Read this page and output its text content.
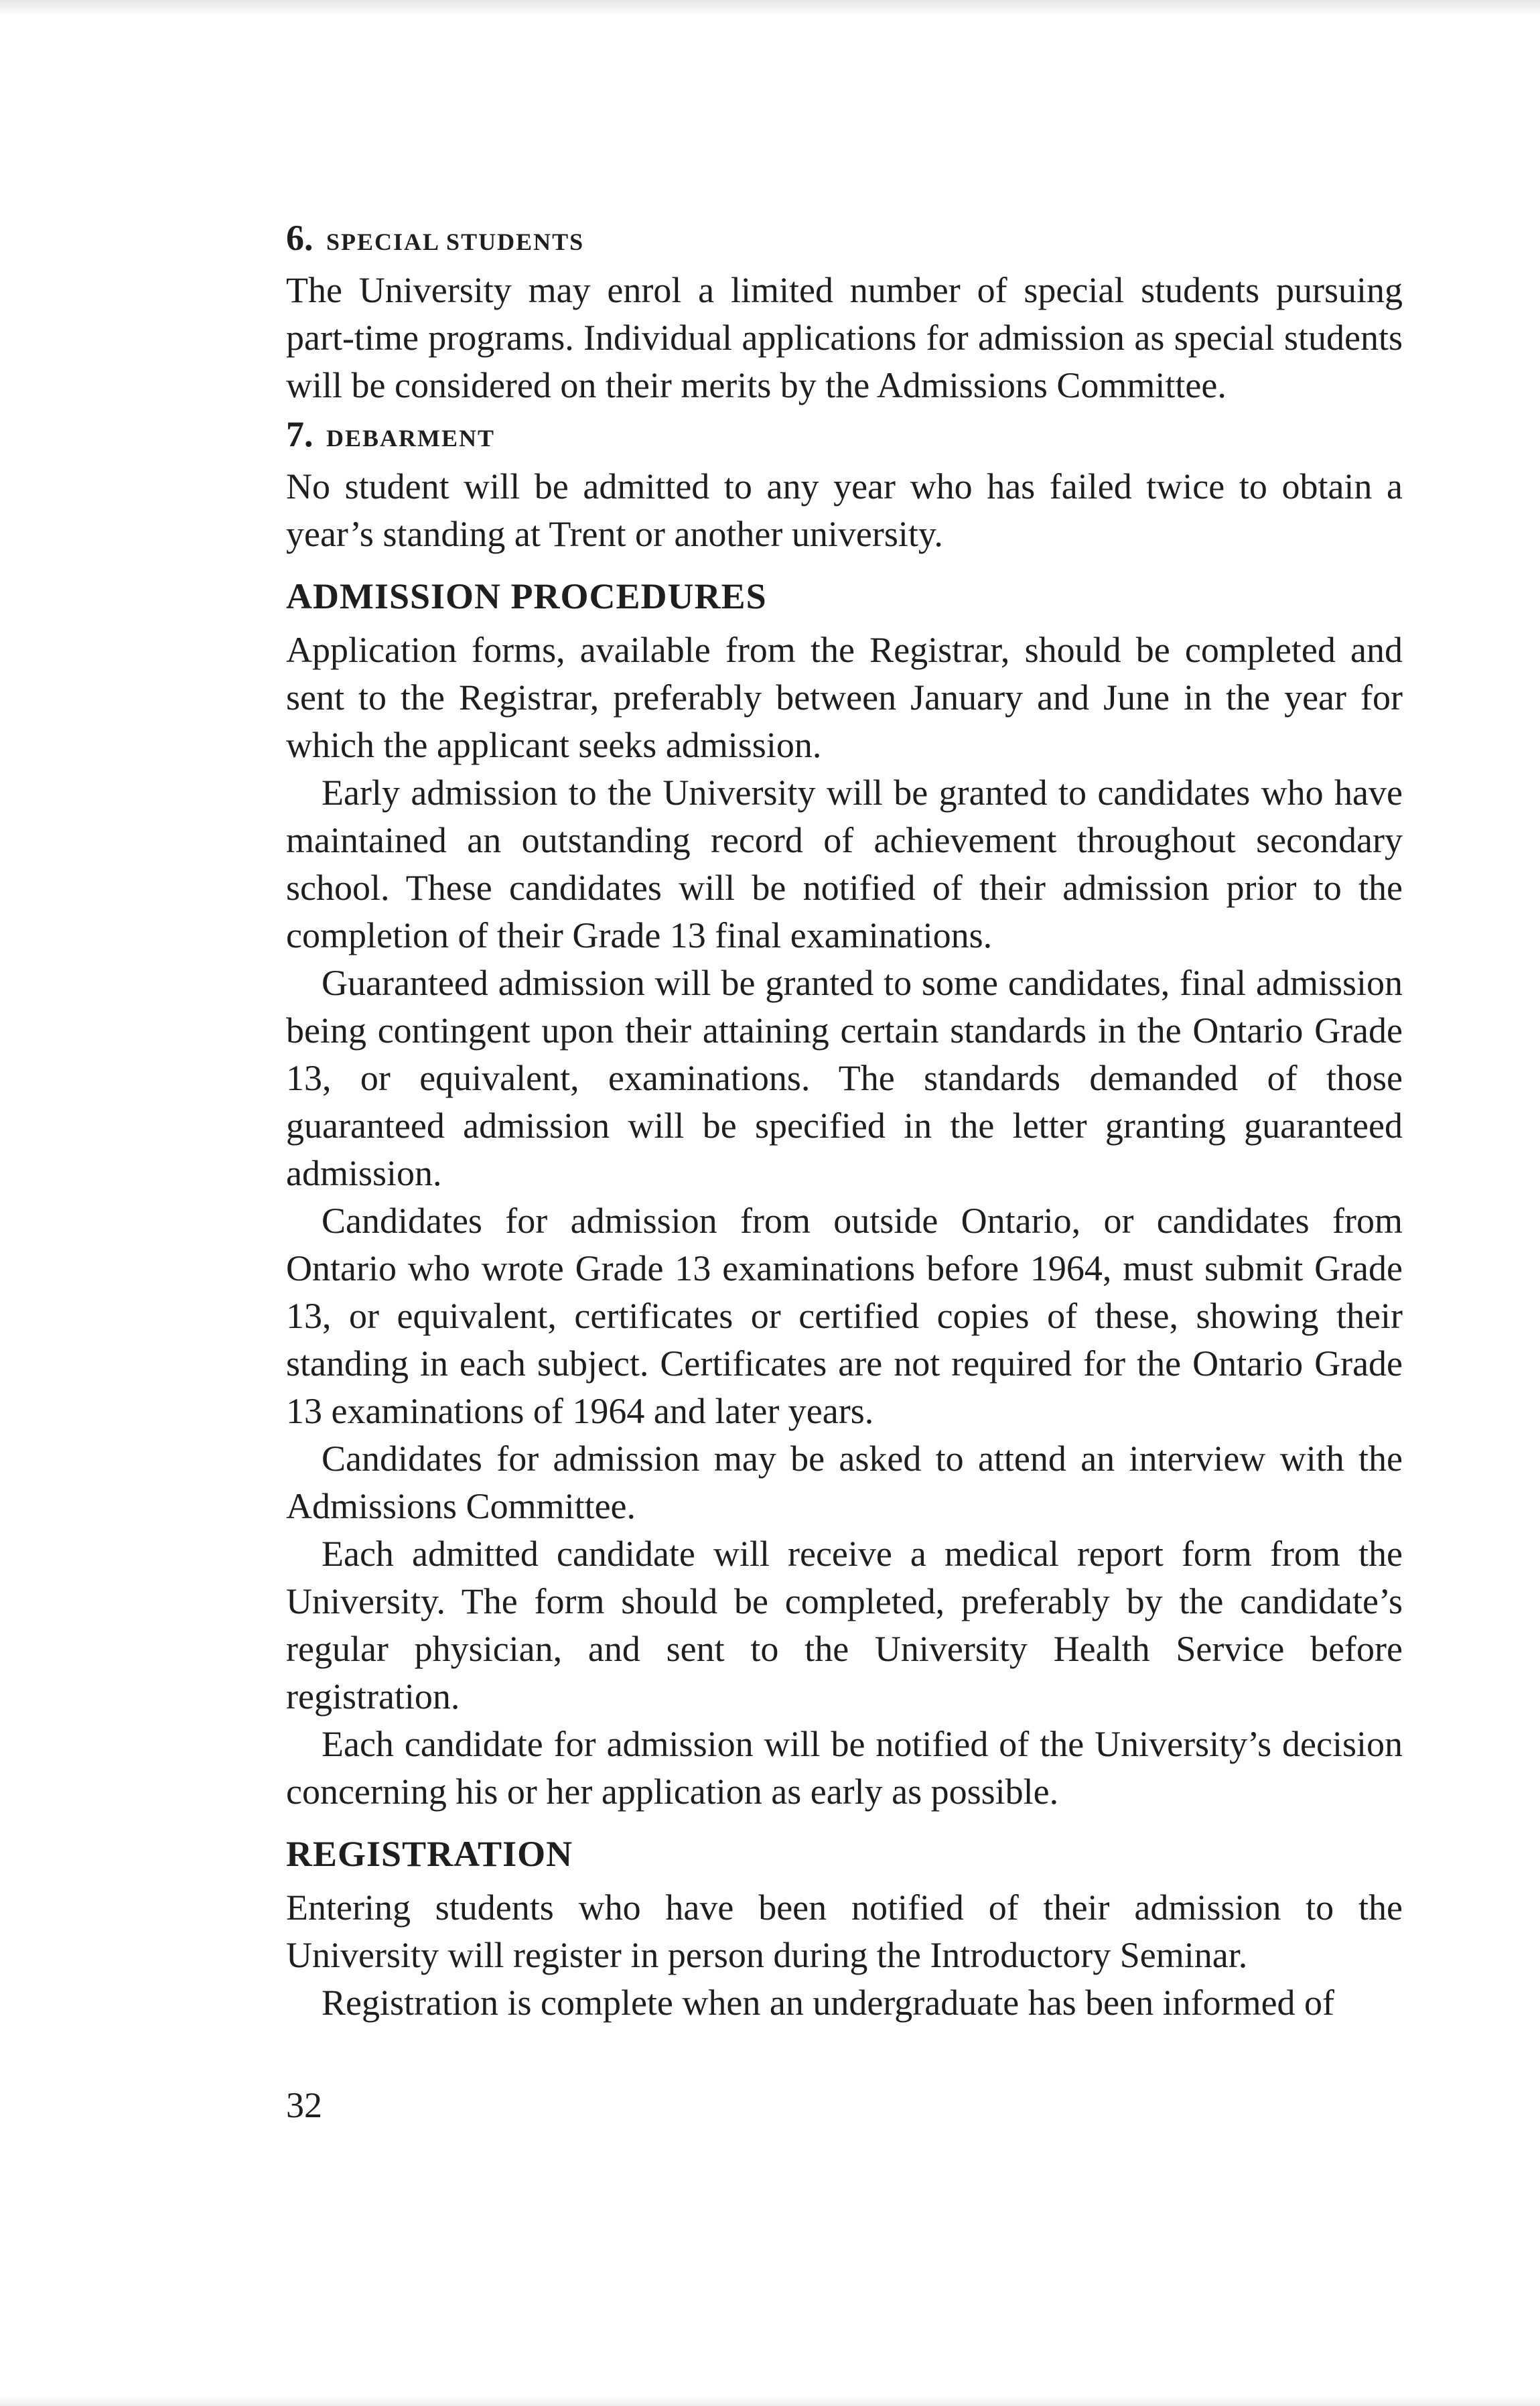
6. SPECIAL STUDENTS

The University may enrol a limited number of special students pursuing part-time programs. Individual applications for admission as special students will be considered on their merits by the Admissions Committee.

7. DEBARMENT

No student will be admitted to any year who has failed twice to obtain a year’s standing at Trent or another university.

ADMISSION PROCEDURES

Application forms, available from the Registrar, should be completed and sent to the Registrar, preferably between January and June in the year for which the applicant seeks admission.

Early admission to the University will be granted to candidates who have maintained an outstanding record of achievement throughout secondary school. These candidates will be notified of their admission prior to the completion of their Grade 13 final examinations.

Guaranteed admission will be granted to some candidates, final admission being contingent upon their attaining certain standards in the Ontario Grade 13, or equivalent, examinations. The standards demanded of those guaranteed admission will be specified in the letter granting guaranteed admission.

Candidates for admission from outside Ontario, or candidates from Ontario who wrote Grade 13 examinations before 1964, must submit Grade 13, or equivalent, certificates or certified copies of these, showing their standing in each subject. Certificates are not required for the Ontario Grade 13 examinations of 1964 and later years.

Candidates for admission may be asked to attend an interview with the Admissions Committee.

Each admitted candidate will receive a medical report form from the University. The form should be completed, preferably by the candidate’s regular physician, and sent to the University Health Service before registration.

Each candidate for admission will be notified of the University’s decision concerning his or her application as early as possible.

REGISTRATION

Entering students who have been notified of their admission to the University will register in person during the Introductory Seminar.

Registration is complete when an undergraduate has been informed of

32
